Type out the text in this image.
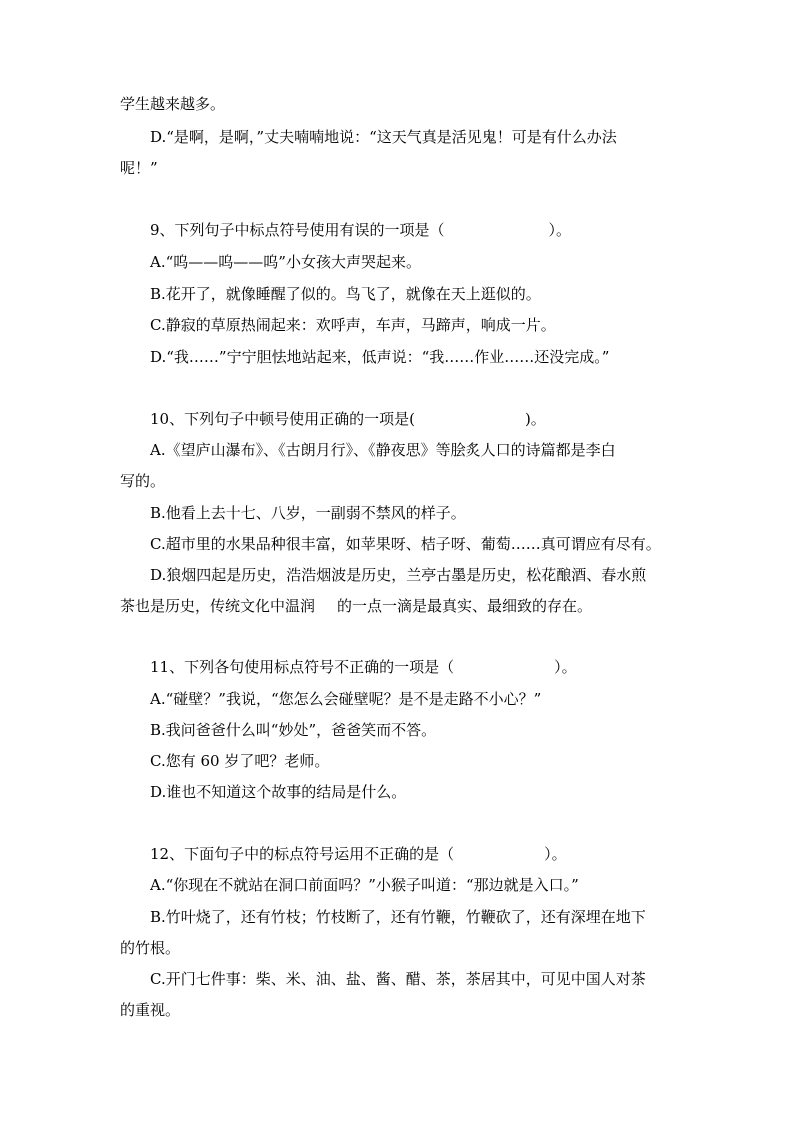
学生越来越多。
D.“是啊，是啊，”丈夫喃喃地说：“这天气真是活见鬼！可是有什么办法
呢！”
9、下列句子中标点符号使用有误的一项是（	）。
A.“呜——呜——呜”小女孩大声哭起来。
B.花开了，就像睡醒了似的。鸟飞了，就像在天上逛似的。
C.静寂的草原热闹起来：欢呼声，车声，马蹄声，响成一片。
D.“我……”宁宁胆怯地站起来，低声说：“我……作业……还没完成。”
10、下列句子中顿号使用正确的一项是(	)。
A.《望庐山瀑布》、《古朗月行》、《静夜思》等脍炙人口的诗篇都是李白
写的。
B.他看上去十七、八岁，一副弱不禁风的样子。
C.超市里的水果品种很丰富，如苹果呀、桔子呀、葡萄……真可谓应有尽有。
D.狼烟四起是历史，浩浩烟波是历史，兰亭古墨是历史，松花酿酒、春水煎
茶也是历史，传统文化中温润 的一点一滴是最真实、最细致的存在。
11、下列各句使用标点符号不正确的一项是（	）。
A.“碰壁？”我说，“您怎么会碰壁呢？是不是走路不小心？”
B.我问爸爸什么叫“妙处”，爸爸笑而不答。
C.您有 60 岁了吧？老师。
D.谁也不知道这个故事的结局是什么。
12、下面句子中的标点符号运用不正确的是（	）。
A.“你现在不就站在洞口前面吗？”小猴子叫道：“那边就是入口。”
B.竹叶烧了，还有竹枝；竹枝断了，还有竹鞭，竹鞭砍了，还有深埋在地下
的竹根。
C.开门七件事：柴、米、油、盐、酱、醋、茶，茶居其中，可见中国人对茶
的重视。
